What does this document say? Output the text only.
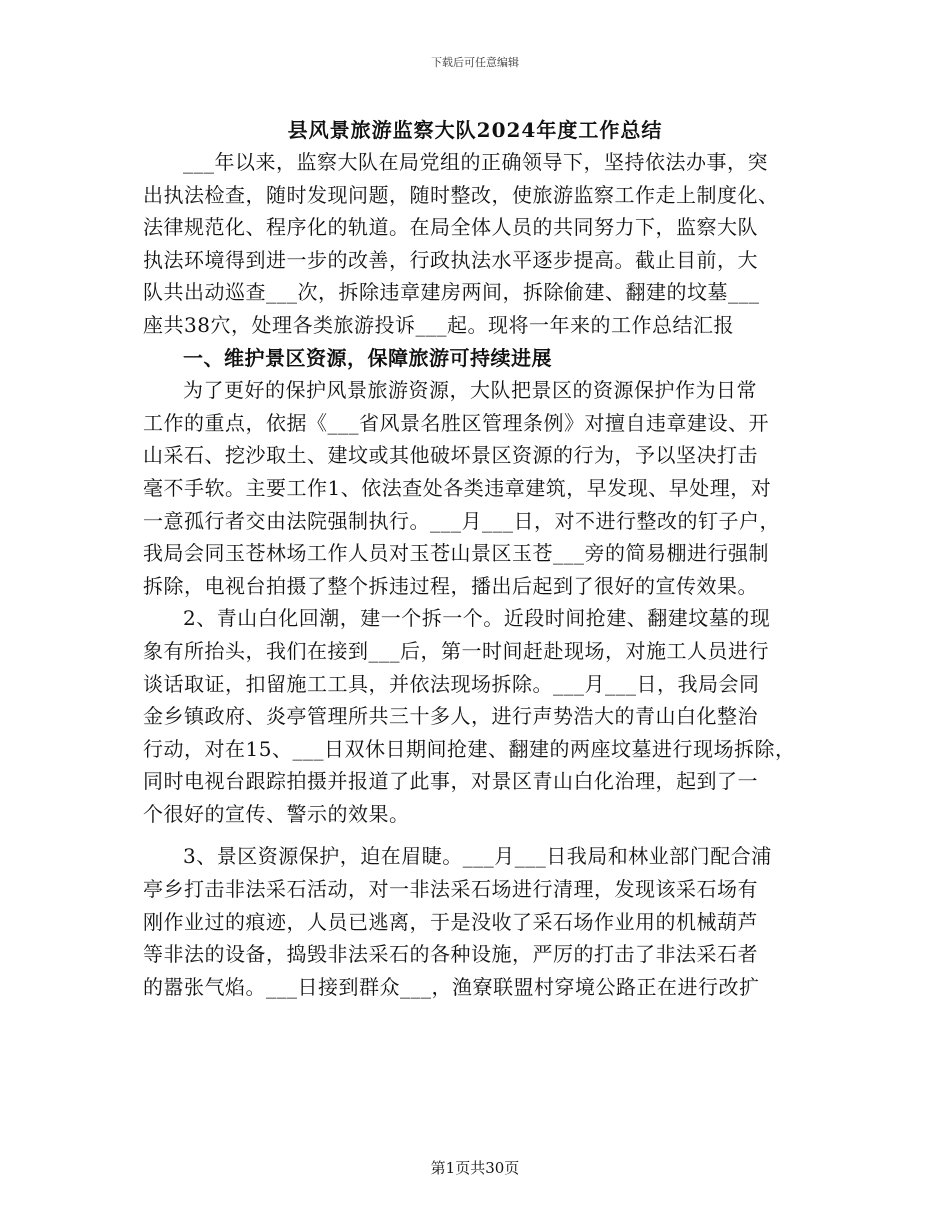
下载后可任意编辑
县风景旅游监察大队2024年度工作总结
___年以来，监察大队在局党组的正确领导下，坚持依法办事，突
出执法检查，随时发现问题，随时整改，使旅游监察工作走上制度化、
法律规范化、程序化的轨道。在局全体人员的共同努力下，监察大队
执法环境得到进一步的改善，行政执法水平逐步提高。截止目前，大
队共出动巡查___次，拆除违章建房两间，拆除偷建、翻建的坟墓___
座共38穴，处理各类旅游投诉___起。现将一年来的工作总结汇报
一、维护景区资源，保障旅游可持续进展
为了更好的保护风景旅游资源，大队把景区的资源保护作为日常
工作的重点，依据《___省风景名胜区管理条例》对擅自违章建设、开
山采石、挖沙取土、建坟或其他破坏景区资源的行为，予以坚决打击
毫不手软。主要工作1、依法查处各类违章建筑，早发现、早处理，对
一意孤行者交由法院强制执行。___月___日，对不进行整改的钉子户，
我局会同玉苍林场工作人员对玉苍山景区玉苍___旁的简易棚进行强制
拆除，电视台拍摄了整个拆违过程，播出后起到了很好的宣传效果。
2、青山白化回潮，建一个拆一个。近段时间抢建、翻建坟墓的现
象有所抬头，我们在接到___后，第一时间赶赴现场，对施工人员进行
谈话取证，扣留施工工具，并依法现场拆除。___月___日，我局会同
金乡镇政府、炎亭管理所共三十多人，进行声势浩大的青山白化整治
行动，对在15、___日双休日期间抢建、翻建的两座坟墓进行现场拆除，
同时电视台跟踪拍摄并报道了此事，对景区青山白化治理，起到了一
个很好的宣传、警示的效果。
3、景区资源保护，迫在眉睫。___月___日我局和林业部门配合浦
亭乡打击非法采石活动，对一非法采石场进行清理，发现该采石场有
刚作业过的痕迹，人员已逃离，于是没收了采石场作业用的机械葫芦
等非法的设备，捣毁非法采石的各种设施，严厉的打击了非法采石者
的嚣张气焰。___日接到群众___，渔寮联盟村穿境公路正在进行改扩
第1页共30页
